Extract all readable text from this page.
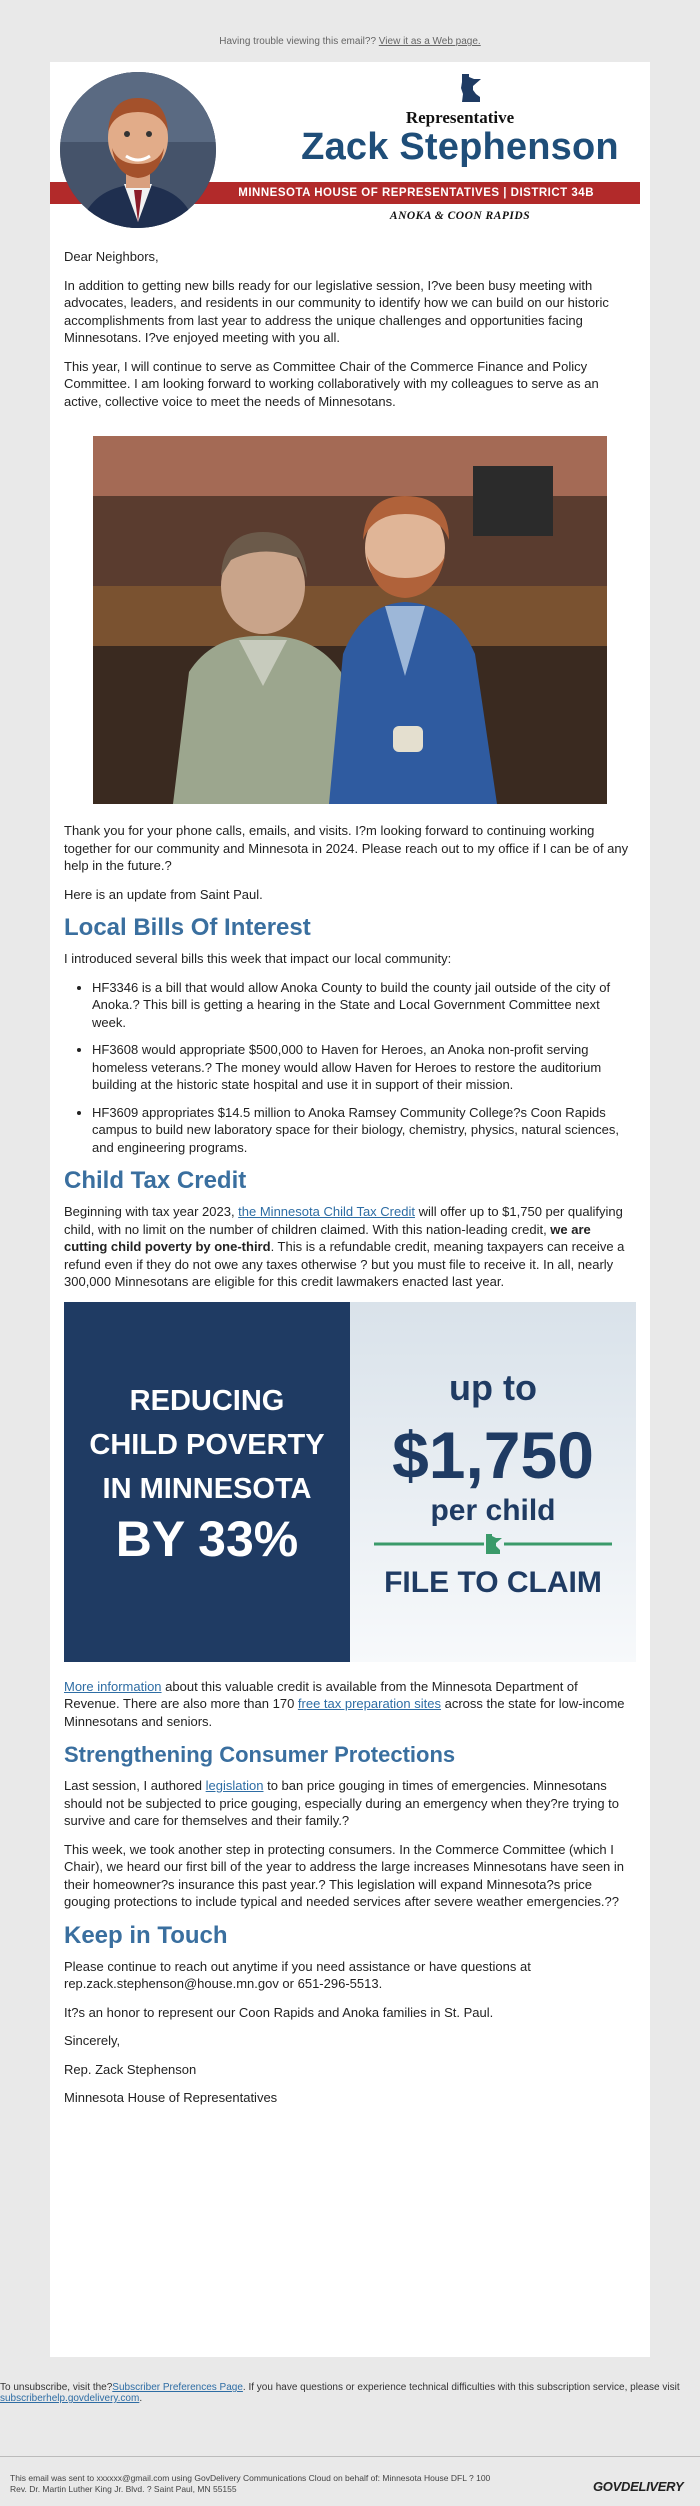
Having trouble viewing this email?? View it as a Web page.
MINNESOTA HOUSE OF REPRESENTATIVES | DISTRICT 34B
Representative
Zack Stephenson
ANOKA & COON RAPIDS

Dear Neighbors,

In addition to getting new bills ready for our legislative session, I?ve been busy meeting with advocates, leaders, and residents in our community to identify how we can build on our historic accomplishments from last year to address the unique challenges and opportunities facing Minnesotans. I?ve enjoyed meeting with you all.

This year, I will continue to serve as Committee Chair of the Commerce Finance and Policy Committee. I am looking forward to working collaboratively with my colleagues to serve as an active, collective voice to meet the needs of Minnesotans.

Thank you for your phone calls, emails, and visits. I?m looking forward to continuing working together for our community and Minnesota in 2024. Please reach out to my office if I can be of any help in the future.?

Here is an update from Saint Paul.

Local Bills Of Interest

I introduced several bills this week that impact our local community:

• HF3346 is a bill that would allow Anoka County to build the county jail outside of the city of Anoka.? This bill is getting a hearing in the State and Local Government Committee next week.
• HF3608 would appropriate $500,000 to Haven for Heroes, an Anoka non-profit serving homeless veterans.? The money would allow Haven for Heroes to restore the auditorium building at the historic state hospital and use it in support of their mission.
• HF3609 appropriates $14.5 million to Anoka Ramsey Community College?s Coon Rapids campus to build new laboratory space for their biology, chemistry, physics, natural sciences, and engineering programs.
Child Tax Credit

Beginning with tax year 2023, the Minnesota Child Tax Credit will offer up to $1,750 per qualifying child, with no limit on the number of children claimed. With this nation-leading credit, we are cutting child poverty by one-third. This is a refundable credit, meaning taxpayers can receive a refund even if they do not owe any taxes otherwise ? but you must file to receive it. In all, nearly 300,000 Minnesotans are eligible for this credit lawmakers enacted last year.

REDUCING
CHILD POVERTY
IN MINNESOTA
BY 33%
up to
$1,750
per child
FILE TO CLAIM

More information about this valuable credit is available from the Minnesota Department of Revenue. There are also more than 170 free tax preparation sites across the state for low-income Minnesotans and seniors.

Strengthening Consumer Protections

Last session, I authored legislation to ban price gouging in times of emergencies. Minnesotans should not be subjected to price gouging, especially during an emergency when they?re trying to survive and care for themselves and their family.?

This week, we took another step in protecting consumers. In the Commerce Committee (which I Chair), we heard our first bill of the year to address the large increases Minnesotans have seen in their homeowner?s insurance this past year.? This legislation will expand Minnesota?s price gouging protections to include typical and needed services after severe weather emergencies.??

Keep in Touch

Please continue to reach out anytime if you need assistance or have questions at rep.zack.stephenson@house.mn.gov or 651-296-5513.

It?s an honor to represent our Coon Rapids and Anoka families in St. Paul.

Sincerely,

Rep. Zack Stephenson

Minnesota House of Representatives

To unsubscribe, visit the?Subscriber Preferences Page. If you have questions or experience technical difficulties with this subscription service, please visit subscriberhelp.govdelivery.com.
This email was sent to xxxxxx@gmail.com using GovDelivery Communications Cloud on behalf of: Minnesota House DFL ? 100
Rev. Dr. Martin Luther King Jr. Blvd. ? Saint Paul, MN 55155	GOVDELIVERY
